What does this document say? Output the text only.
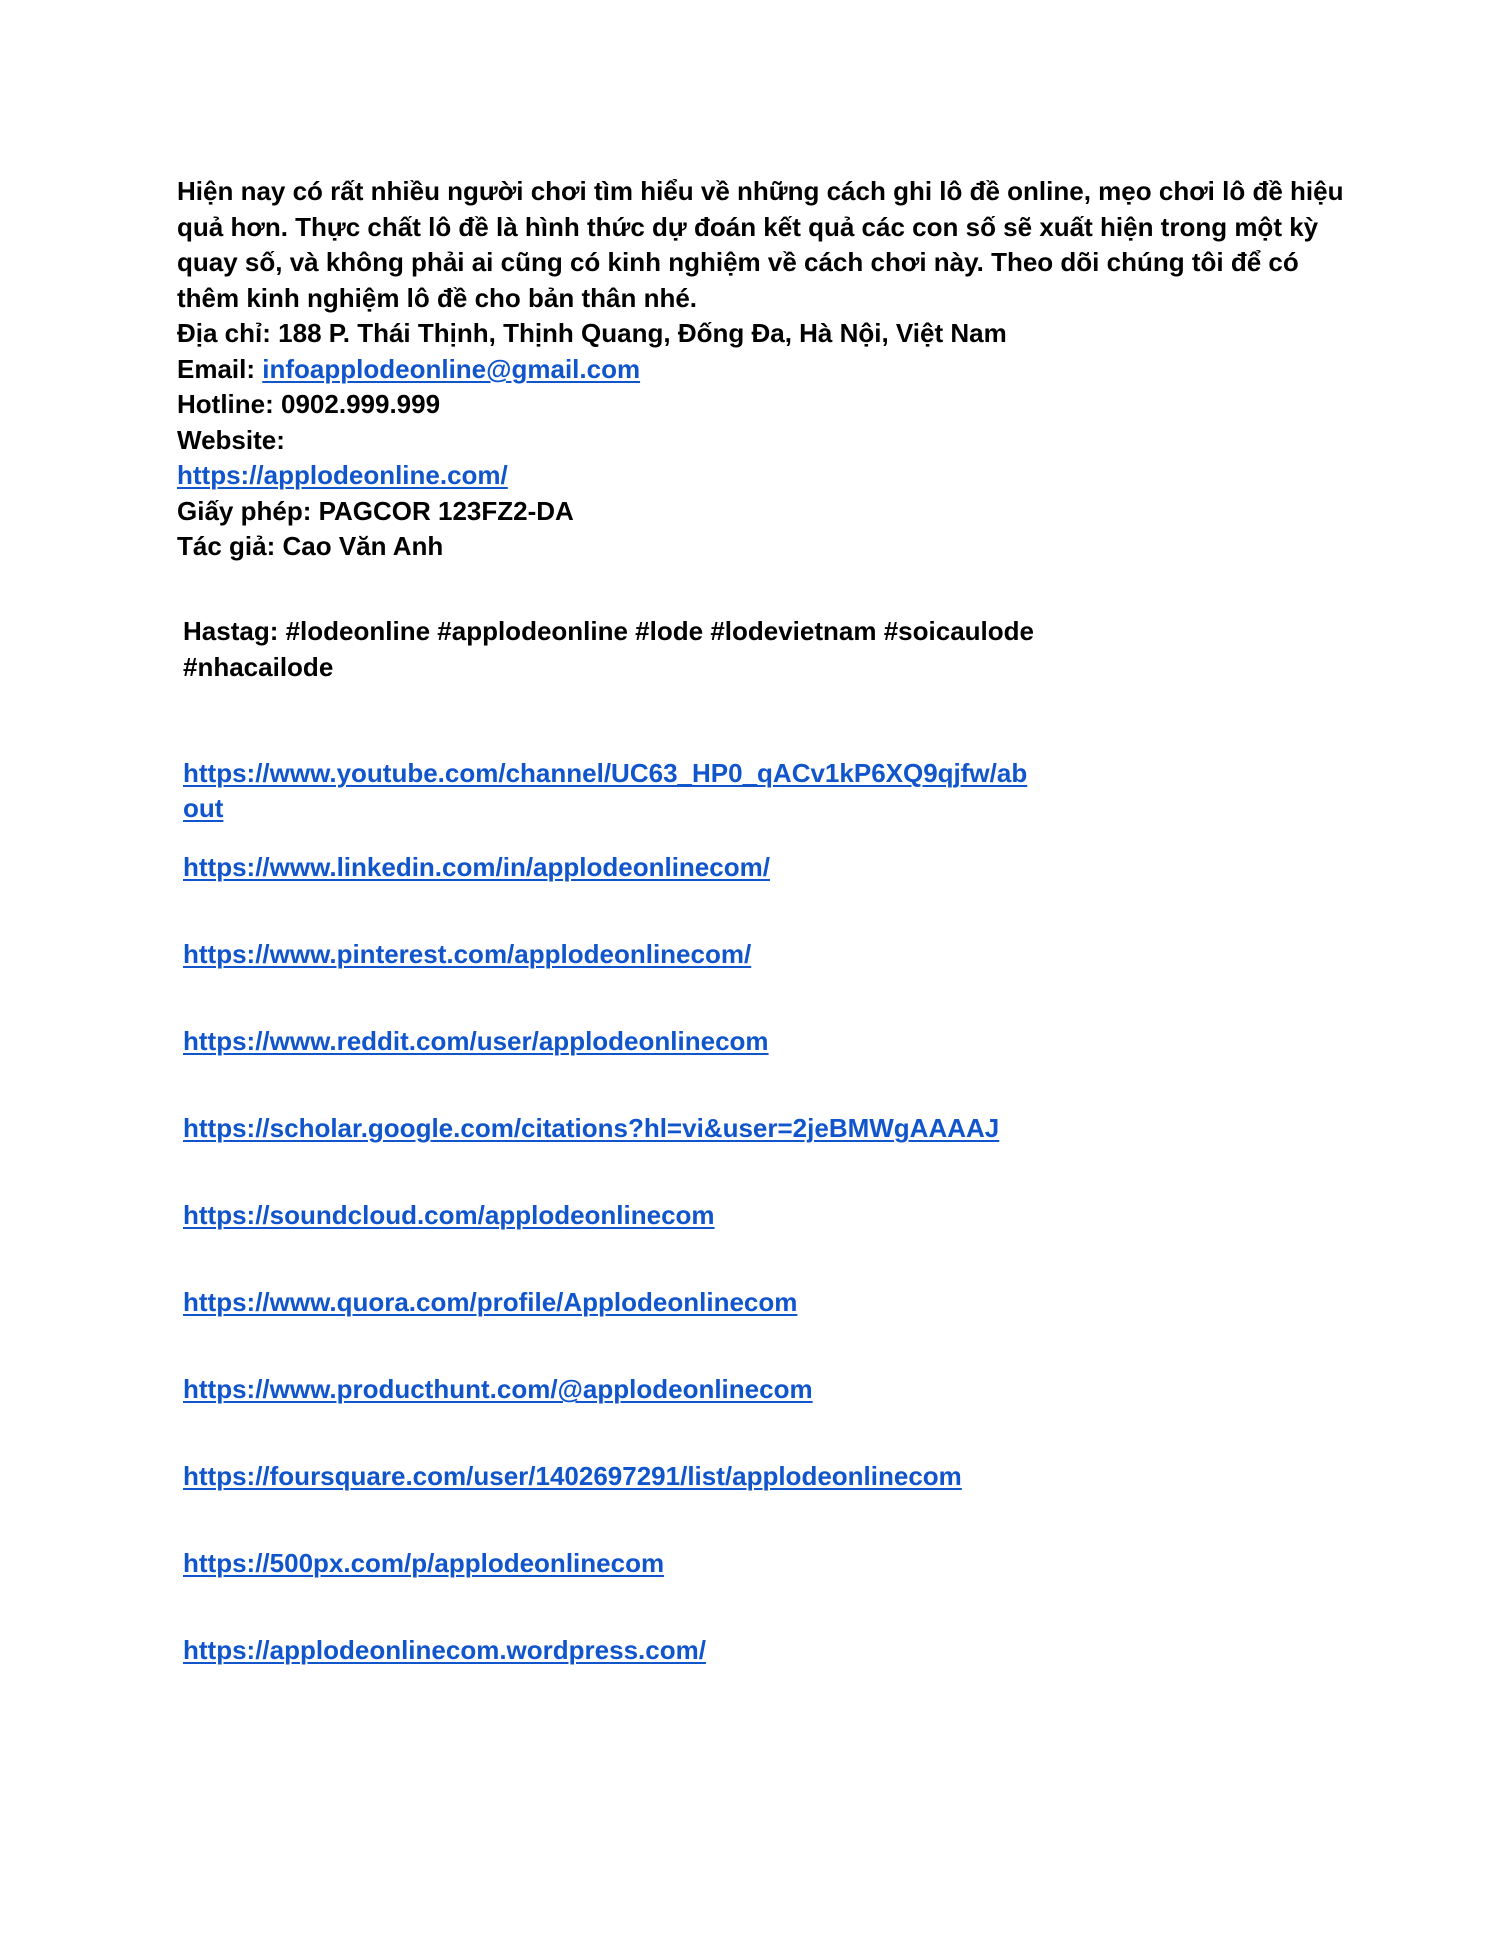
Hiện nay có rất nhiều người chơi tìm hiểu về những cách ghi lô đề online, mẹo chơi lô đề hiệu quả hơn. Thực chất lô đề là hình thức dự đoán kết quả các con số sẽ xuất hiện trong một kỳ quay số, và không phải ai cũng có kinh nghiệm về cách chơi này. Theo dõi chúng tôi để có thêm kinh nghiệm lô đề cho bản thân nhé.

Địa chỉ: 188 P. Thái Thịnh, Thịnh Quang, Đống Đa, Hà Nội, Việt Nam
Email: infoapplodeonline@gmail.com
Hotline: 0902.999.999
Website:
https://applodeonline.com/
Giấy phép: PAGCOR 123FZ2-DA
Tác giả: Cao Văn Anh
Hastag: #lodeonline #applodeonline #lode #lodevietnam #soicaulode
#nhacailode
https://www.youtube.com/channel/UC63_HP0_qACv1kP6XQ9qjfw/ab
out
https://www.linkedin.com/in/applodeonlinecom/
https://www.pinterest.com/applodeonlinecom/
https://www.reddit.com/user/applodeonlinecom
https://scholar.google.com/citations?hl=vi&user=2jeBMWgAAAAJ
https://soundcloud.com/applodeonlinecom
https://www.quora.com/profile/Applodeonlinecom
https://www.producthunt.com/@applodeonlinecom
https://foursquare.com/user/1402697291/list/applodeonlinecom
https://500px.com/p/applodeonlinecom
https://applodeonlinecom.wordpress.com/
